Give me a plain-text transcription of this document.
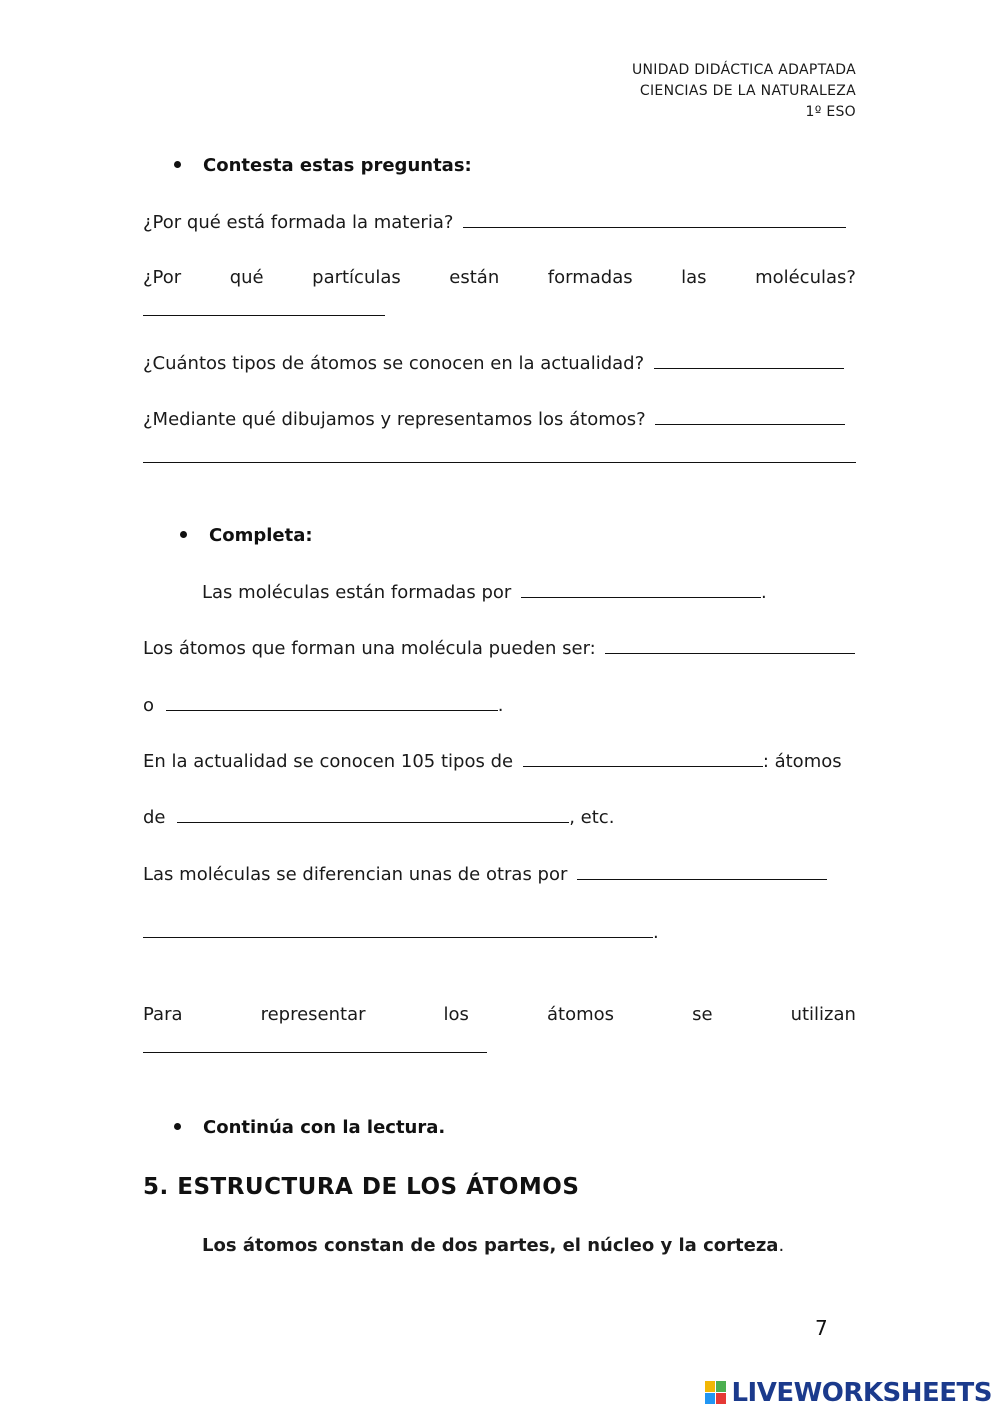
UNIDAD DIDÁCTICA ADAPTADA
CIENCIAS DE LA NATURALEZA
1º ESO
Contesta estas preguntas:
¿Por qué está formada la materia?
¿Por	qué	partículas	están	formadas	las	moléculas?
¿Cuántos tipos de átomos se conocen en la actualidad?
¿Mediante qué dibujamos y representamos los átomos?
Completa:
Las moléculas están formadas por	.
Los átomos que forman una molécula pueden ser:
o	.
En la actualidad se conocen 105 tipos de	: átomos
de	, etc.
Las moléculas se diferencian unas de otras por
.
Para	representar	los	átomos	se	utilizan
Continúa con la lectura.
5. ESTRUCTURA DE LOS ÁTOMOS
Los átomos constan de dos partes, el núcleo y la corteza.
7
LIVEWORKSHEETS
